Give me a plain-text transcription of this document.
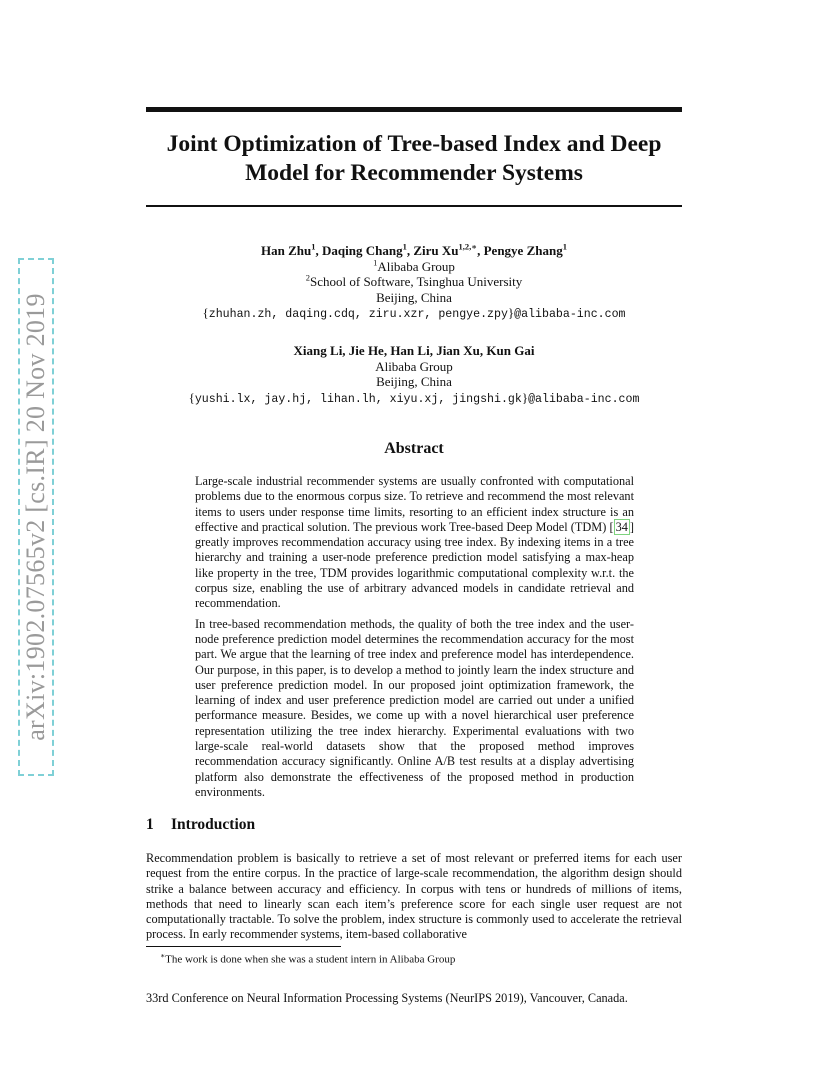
arXiv:1902.07565v2 [cs.IR] 20 Nov 2019
Joint Optimization of Tree-based Index and Deep
Model for Recommender Systems
Han Zhu$^1$, Daqing Chang$^1$, Ziru $Xu^{1,2,∗}$, Pengye Zhang$^1$
$^1$Alibaba Group
$^2$School of Software, Tsinghua University
Beijing, China
{zhuhan.zh, daqing.cdq, ziru.xzr, pengye.zpy}@alibaba-inc.com
Xiang Li, Jie He, Han Li, Jian Xu, Kun Gai
Alibaba Group
Beijing, China
{yushi.lx, jay.hj, lihan.lh, xiyu.xj, jingshi.gk}@alibaba-inc.com
Abstract

Large-scale industrial recommender systems are usually confronted with computational problems due to the enormous corpus size. To retrieve and recommend the most relevant items to users under response time limits, resorting to an efficient index structure is an effective and practical solution. The previous work Tree-based Deep Model (TDM) [ 34 ] greatly improves recommendation accuracy using tree index. By indexing items in a tree hierarchy and training a user-node preference prediction model satisfying a max-heap like property in the tree, TDM provides logarithmic computational complexity w.r.t. the corpus size, enabling the use of arbitrary advanced models in candidate retrieval and recommendation.

In tree-based recommendation methods, the quality of both the tree index and the user-node preference prediction model determines the recommendation accuracy for the most part. We argue that the learning of tree index and preference model has interdependence. Our purpose, in this paper, is to develop a method to jointly learn the index structure and user preference prediction model. In our proposed joint optimization framework, the learning of index and user preference prediction model are carried out under a unified performance measure. Besides, we come up with a novel hierarchical user preference representation utilizing the tree index hierarchy. Experimental evaluations with two large-scale real-world datasets show that the proposed method improves recommendation accuracy significantly. Online A/B test results at a display advertising platform also demonstrate the effectiveness of the proposed method in production environments.

1 Introduction

Recommendation problem is basically to retrieve a set of most relevant or preferred items for each user request from the entire corpus. In the practice of large-scale recommendation, the algorithm design should strike a balance between accuracy and efficiency. In corpus with tens or hundreds of millions of items, methods that need to linearly scan each item’s preference score for each single user request are not computationally tractable. To solve the problem, index structure is commonly used to accelerate the retrieval process. In early recommender systems, item-based collaborative

∗The work is done when she was a student intern in Alibaba Group
33rd Conference on Neural Information Processing Systems (NeurIPS 2019), Vancouver, Canada.
